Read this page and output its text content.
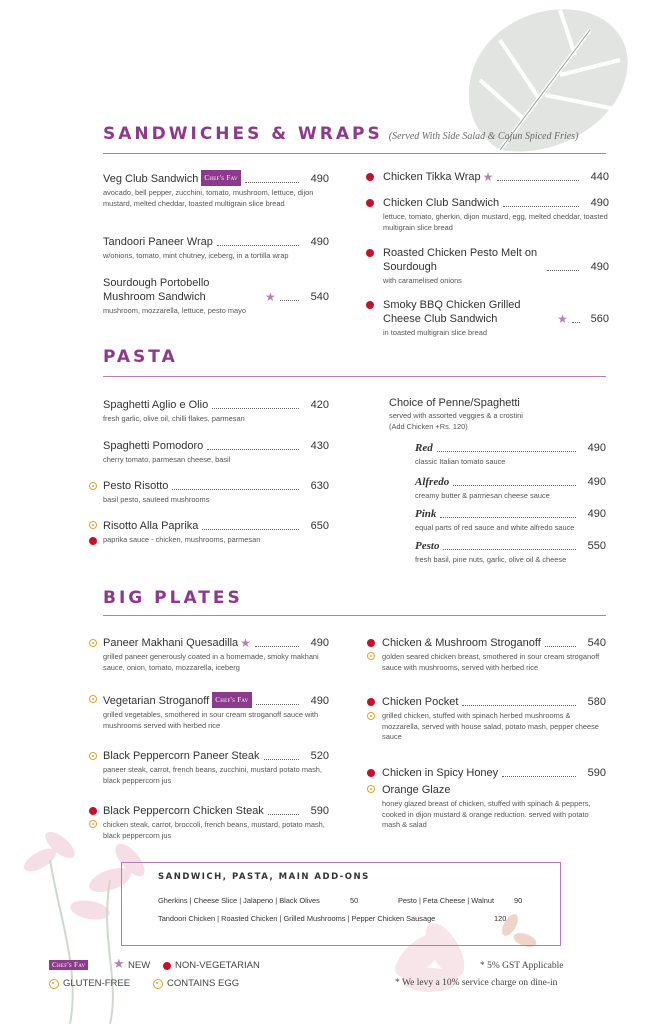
SANDWICHES & WRAPS (Served With Side Salad & Cajun Spiced Fries)
Veg Club Sandwich Chef's Fav	490
avocado, bell pepper, zucchini, tomato, mushroom, lettuce, dijon mustard, melted cheddar, toasted multigrain slice bread
Tandoori Paneer Wrap	490
w/onions, tomato, mint chutney, iceberg, in a tortilla wrap
Sourdough Portobello Mushroom Sandwich	★	540
mushroom, mozzarella, lettuce, pesto mayo
Chicken Tikka Wrap ★	440
Chicken Club Sandwich	490
lettuce, tomato, gherkin, dijon mustard, egg, melted cheddar, toasted multigrain slice bread
Roasted Chicken Pesto Melt on Sourdough	490
with caramelised onions
Smoky BBQ Chicken Grilled Cheese Club Sandwich	★	560
in toasted multigrain slice bread
PASTA
Spaghetti Aglio e Olio	420
fresh garlic, olive oil, chilli flakes, parmesan
Spaghetti Pomodoro	430
cherry tomato, parmesan cheese, basil
Pesto Risotto	630
basil pesto, sauteed mushrooms
Risotto Alla Paprika	650
paprika sauce - chicken, mushrooms, parmesan
Choice of Penne/Spaghetti
served with assorted veggies & a crostini
(Add Chicken +Rs. 120)
Red	490
classic Italian tomato sauce
Alfredo	490
creamy butter & parmesan cheese sauce
Pink	490
equal parts of red sauce and white alfredo sauce
Pesto	550
fresh basil, pine nuts, garlic, olive oil & cheese
BIG PLATES
Paneer Makhani Quesadilla ★	490
grilled paneer generously coated in a homemade, smoky makhani sauce, onion, tomato, mozzarella, iceberg
Vegetarian Stroganoff Chef's Fav	490
grilled vegetables, smothered in sour cream stroganoff sauce with mushrooms served with herbed rice
Black Peppercorn Paneer Steak	520
paneer steak, carrot, french beans, zucchini, mustard potato mash, black peppercorn jus
Black Peppercorn Chicken Steak	590
chicken steak, carrot, broccoli, french beans, mustard, potato mash, black peppercorn jus
Chicken & Mushroom Stroganoff	540
golden seared chicken breast, smothered in sour cream stroganoff sauce with mushrooms, served with herbed rice
Chicken Pocket	580
grilled chicken, stuffed with spinach herbed mushrooms & mozzarella, served with house salad, potato mash, pepper cheese sauce
Chicken in Spicy Honey	590
Orange Glaze
honey glazed breast of chicken, stuffed with spinach & peppers, cooked in dijon mustard & orange reduction. served with potato mash & salad
SANDWICH, PASTA, MAIN ADD-ONS
Gherkins | Cheese Slice | Jalapeno | Black Olives	50	Pesto | Feta Cheese | Walnut	90
Tandoori Chicken | Roasted Chicken | Grilled Mushrooms | Pepper Chicken Sausage	120
Chef's Fav ★ NEW	NON-VEGETARIAN
GLUTEN-FREE	CONTAINS EGG
* 5% GST Applicable
* We levy a 10% service charge on dine-in
